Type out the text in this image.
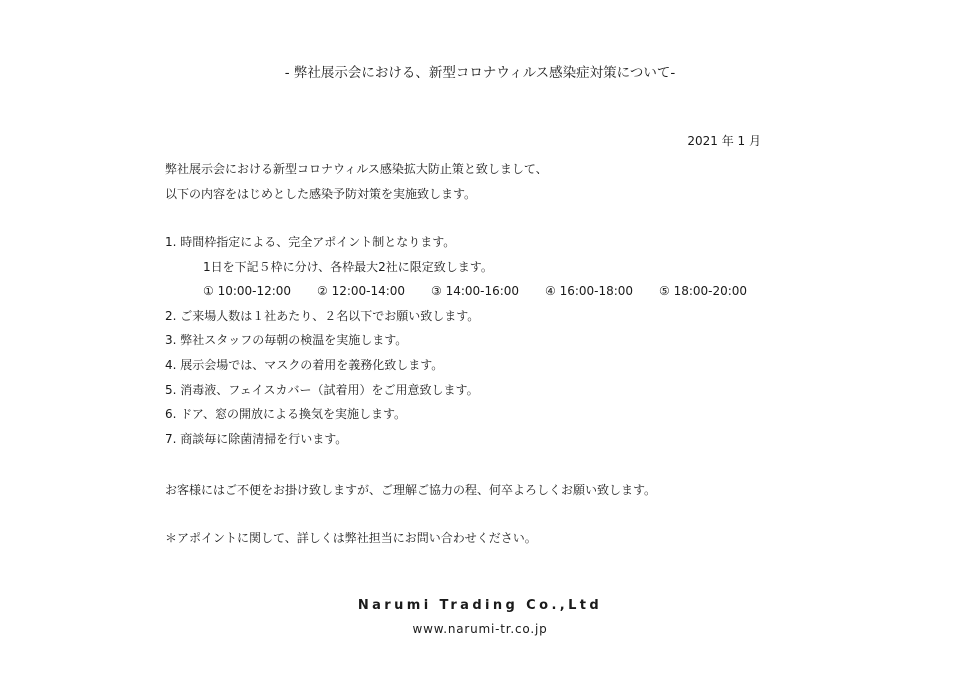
- 弊社展示会における、新型コロナウィルス感染症対策について-
2021 年 1 月
弊社展示会における新型コロナウィルス感染拡大防止策と致しまして、
以下の内容をはじめとした感染予防対策を実施致します。
1. 時間枠指定による、完全アポイント制となります。
1日を下記５枠に分け、各枠最大2社に限定致します。
① 10:00-12:00	② 12:00-14:00	③ 14:00-16:00	④ 16:00-18:00	⑤ 18:00-20:00
2. ご来場人数は１社あたり、２名以下でお願い致します。
3. 弊社スタッフの毎朝の検温を実施します。
4. 展示会場では、マスクの着用を義務化致します。
5. 消毒液、フェイスカバー（試着用）をご用意致します。
6. ドア、窓の開放による換気を実施します。
7. 商談毎に除菌清掃を行います。
お客様にはご不便をお掛け致しますが、ご理解ご協力の程、何卒よろしくお願い致します。
＊アポイントに関して、詳しくは弊社担当にお問い合わせください。
Narumi Trading Co.,Ltd
www.narumi-tr.co.jp
